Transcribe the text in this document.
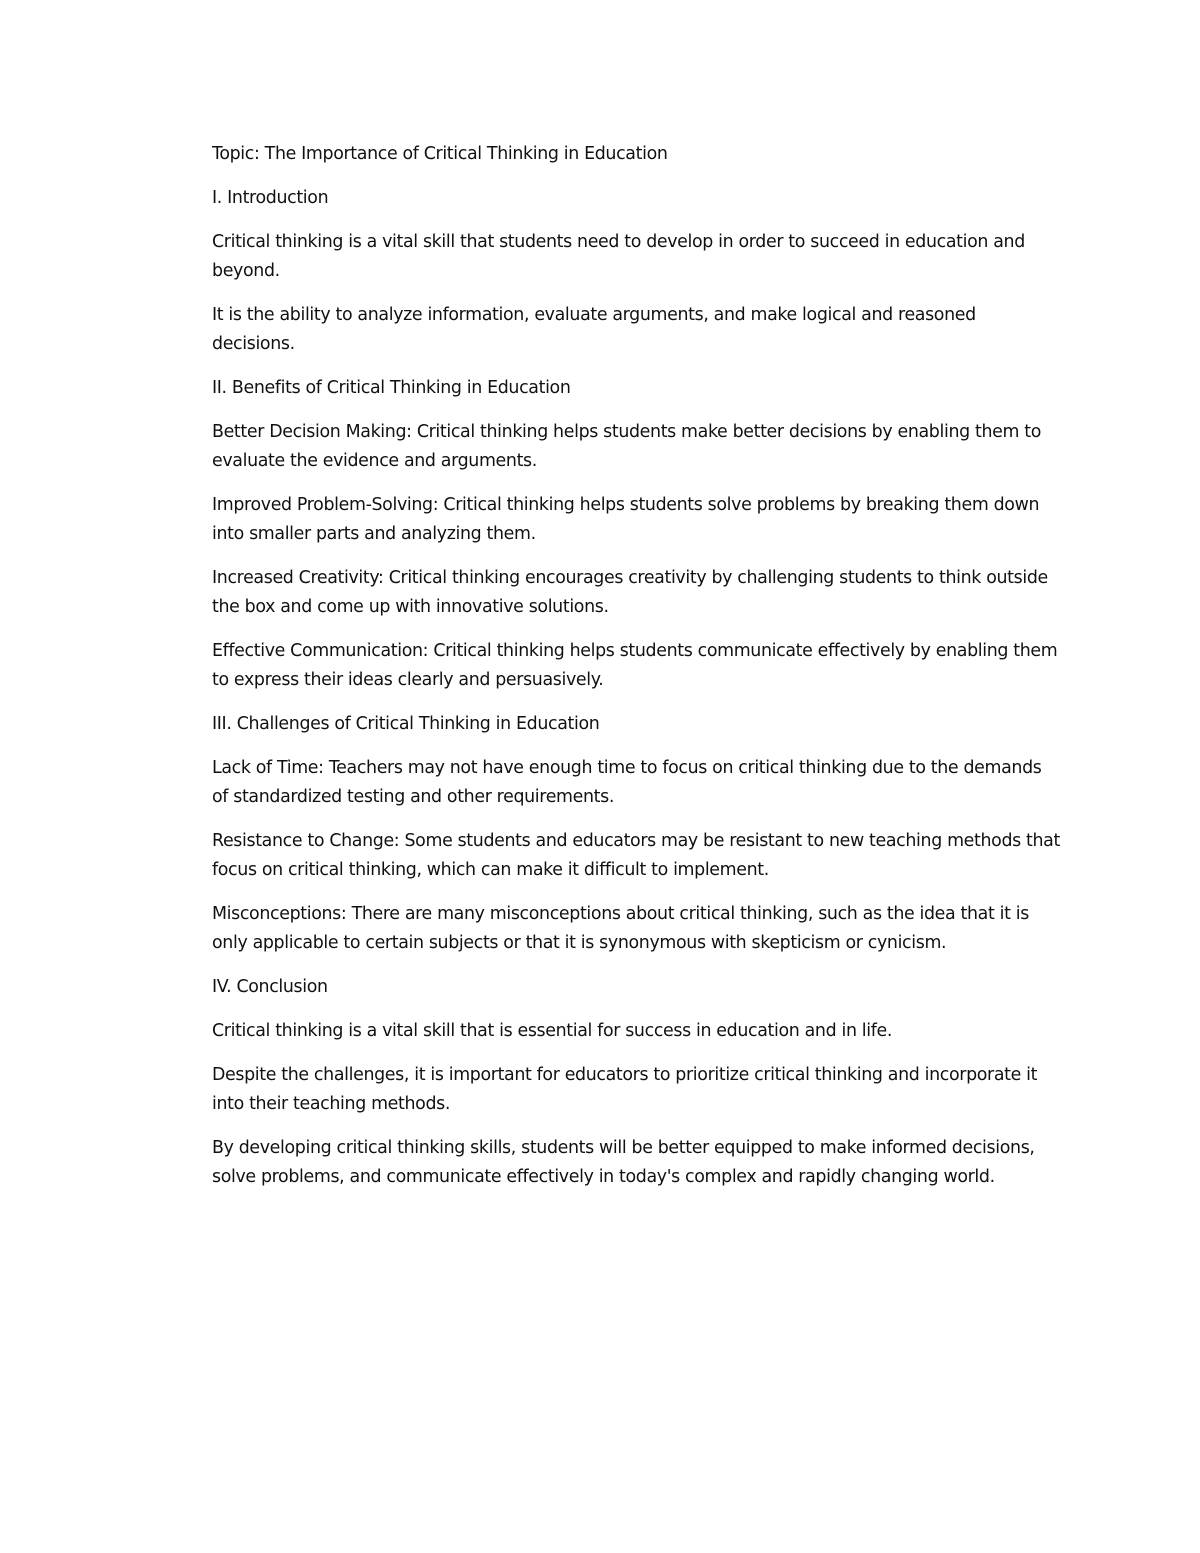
Topic: The Importance of Critical Thinking in Education

I. Introduction

Critical thinking is a vital skill that students need to develop in order to succeed in education and beyond.

It is the ability to analyze information, evaluate arguments, and make logical and reasoned decisions.

II. Benefits of Critical Thinking in Education

Better Decision Making: Critical thinking helps students make better decisions by enabling them to evaluate the evidence and arguments.

Improved Problem-Solving: Critical thinking helps students solve problems by breaking them down into smaller parts and analyzing them.

Increased Creativity: Critical thinking encourages creativity by challenging students to think outside the box and come up with innovative solutions.

Effective Communication: Critical thinking helps students communicate effectively by enabling them to express their ideas clearly and persuasively.

III. Challenges of Critical Thinking in Education

Lack of Time: Teachers may not have enough time to focus on critical thinking due to the demands of standardized testing and other requirements.

Resistance to Change: Some students and educators may be resistant to new teaching methods that focus on critical thinking, which can make it difficult to implement.

Misconceptions: There are many misconceptions about critical thinking, such as the idea that it is only applicable to certain subjects or that it is synonymous with skepticism or cynicism.

IV. Conclusion

Critical thinking is a vital skill that is essential for success in education and in life.

Despite the challenges, it is important for educators to prioritize critical thinking and incorporate it into their teaching methods.

By developing critical thinking skills, students will be better equipped to make informed decisions, solve problems, and communicate effectively in today's complex and rapidly changing world.
